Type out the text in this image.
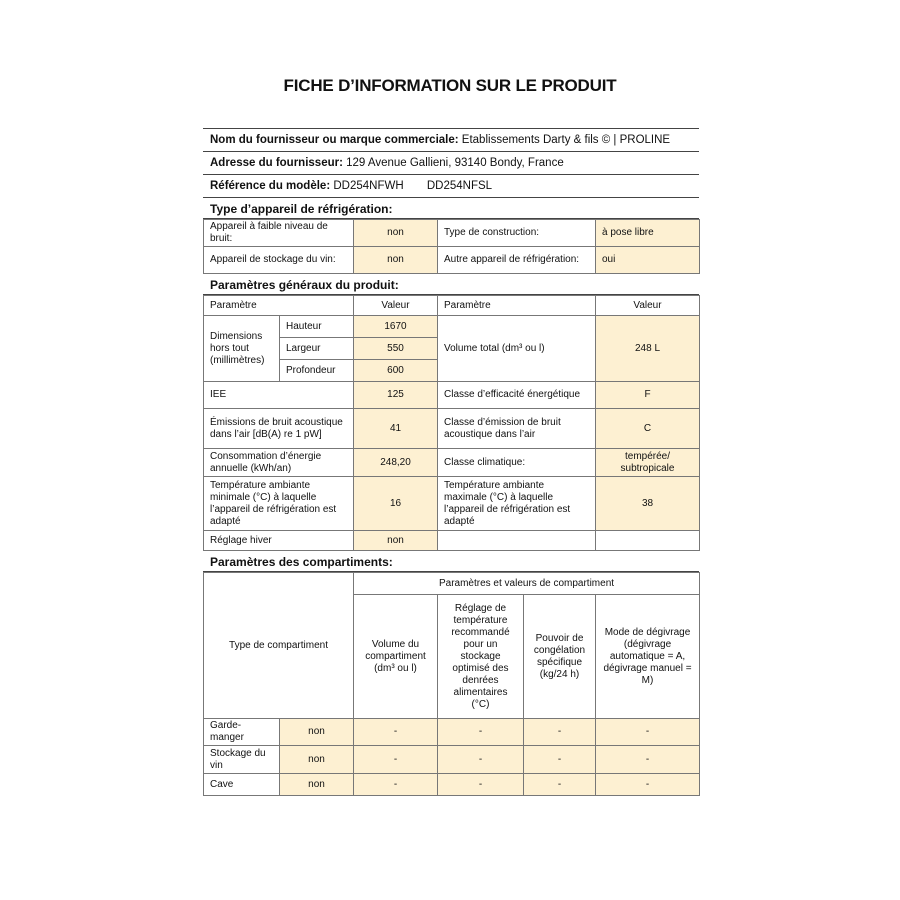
FICHE D’INFORMATION SUR LE PRODUIT
Nom du fournisseur ou marque commerciale: Etablissements Darty & fils © | PROLINE
Adresse du fournisseur: 129 Avenue Gallieni, 93140 Bondy, France
Référence du modèle: DD254NFWH DD254NFSL
Type d’appareil de réfrigération:
Appareil à faible niveau de bruit:	non	Type de construction:	à pose libre
Appareil de stockage du vin:	non	Autre appareil de réfrigération:	oui
Paramètres généraux du produit:
Paramètre		Valeur	Paramètre	Valeur
Dimensions hors tout (millimètres)	Hauteur	1670	Volume total (dm³ ou l)	248 L
	Largeur	550		
	Profondeur	600		
IEE		125	Classe d’efficacité énergétique	F
Émissions de bruit acoustique dans l’air [dB(A) re 1 pW]		41	Classe d’émission de bruit acoustique dans l’air	C
Consommation d’énergie annuelle (kWh/an)		248,20	Classe climatique:	tempérée/ subtropicale
Température ambiante minimale (°C) à laquelle l’appareil de réfrigération est adapté		16	Température ambiante maximale (°C) à laquelle l’appareil de réfrigération est adapté	38
Réglage hiver		non		
Paramètres des compartiments:
Type de compartiment		Paramètres et valeurs de compartiment			
		Volume du compartiment (dm³ ou l)	Réglage de température recommandé pour un stockage optimisé des denrées alimentaires (°C)	Pouvoir de congélation spécifique (kg/24 h)	Mode de dégivrage (dégivrage automatique = A, dégivrage manuel = M)
Garde-manger	non	-	-	-	-
Stockage du vin	non	-	-	-	-
Cave	non	-	-	-	-
